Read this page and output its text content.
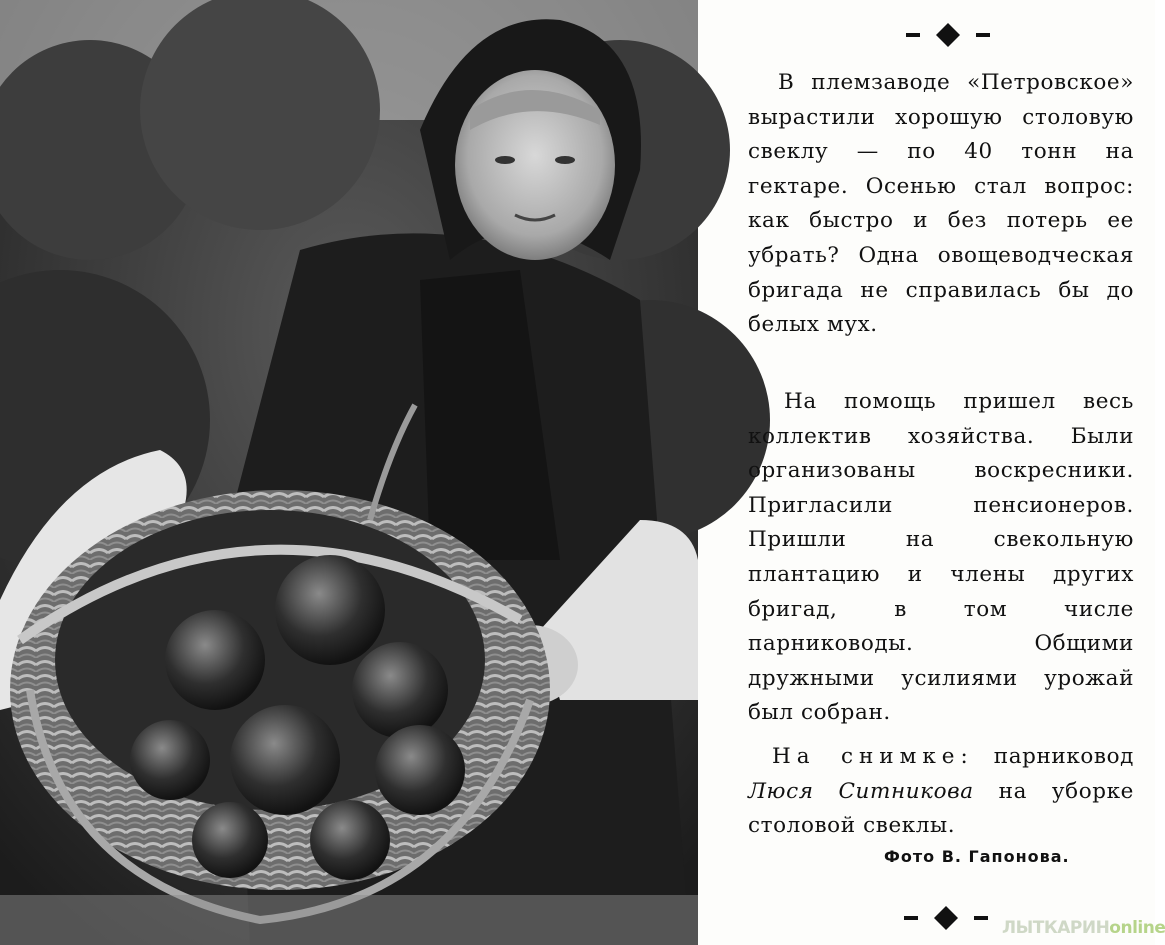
В племзаводе «Петровское» вырастили хорошую столовую свеклу — по 40 тонн на гектаре. Осенью стал вопрос: как быстро и без потерь ее убрать? Одна овощеводческая бригада не справилась бы до белых мух.

На помощь пришел весь коллектив хозяйства. Были организованы воскресники. Пригласили пенсионеров. Пришли на свекольную плантацию и члены других бригад, в том числе парниководы. Общими дружными усилиями урожай был собран.

На снимке: парниковод Люся Ситникова на уборке столовой свеклы.

Фото В. Гапонова.
ЛЫТКАРИНonline
